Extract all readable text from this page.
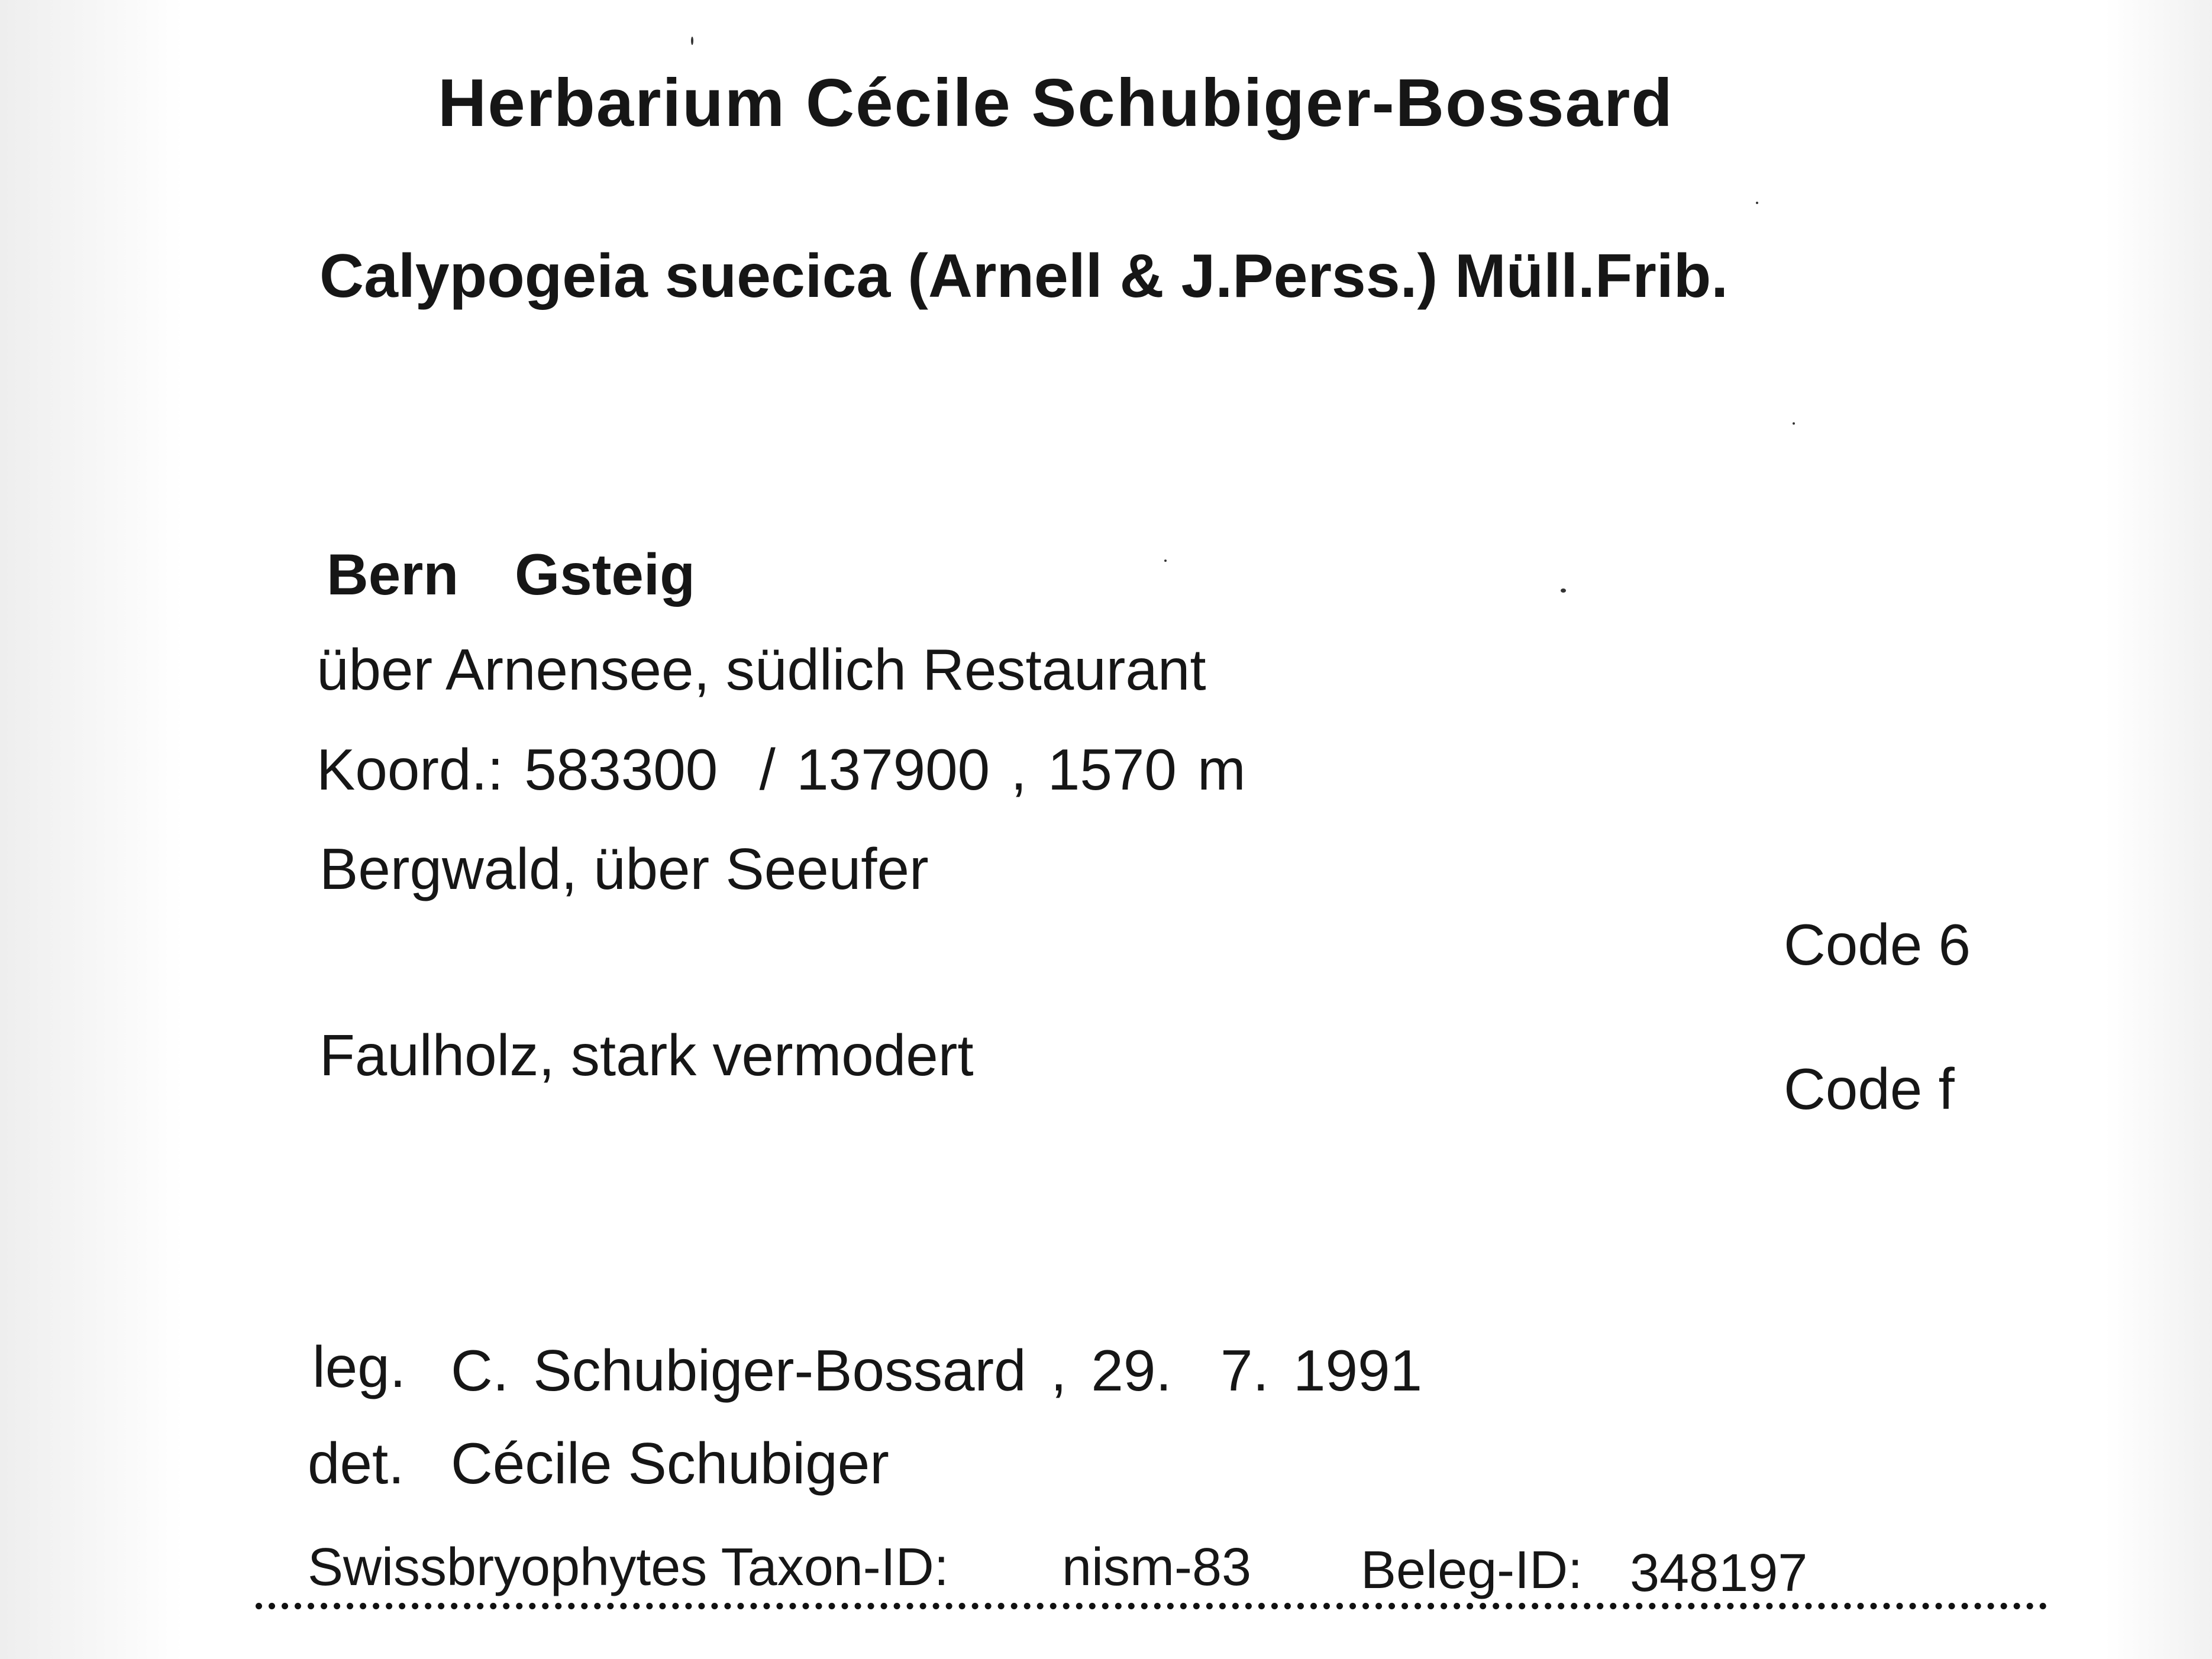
Herbarium Cécile Schubiger-Bossard
Calypogeia suecica (Arnell & J.Perss.) Müll.Frib.
Bern Gsteig
über Arnensee, südlich Restaurant
Koord.: 583300  / 137900 , 1570 m
Bergwald, über Seeufer
Code 6
Faulholz, stark vermodert
Code f
leg. C. Schubiger-Bossard , 29.  7. 1991
det. Cécile Schubiger
Swissbryophytes Taxon-ID: nism-83 Beleg-ID: 348197
